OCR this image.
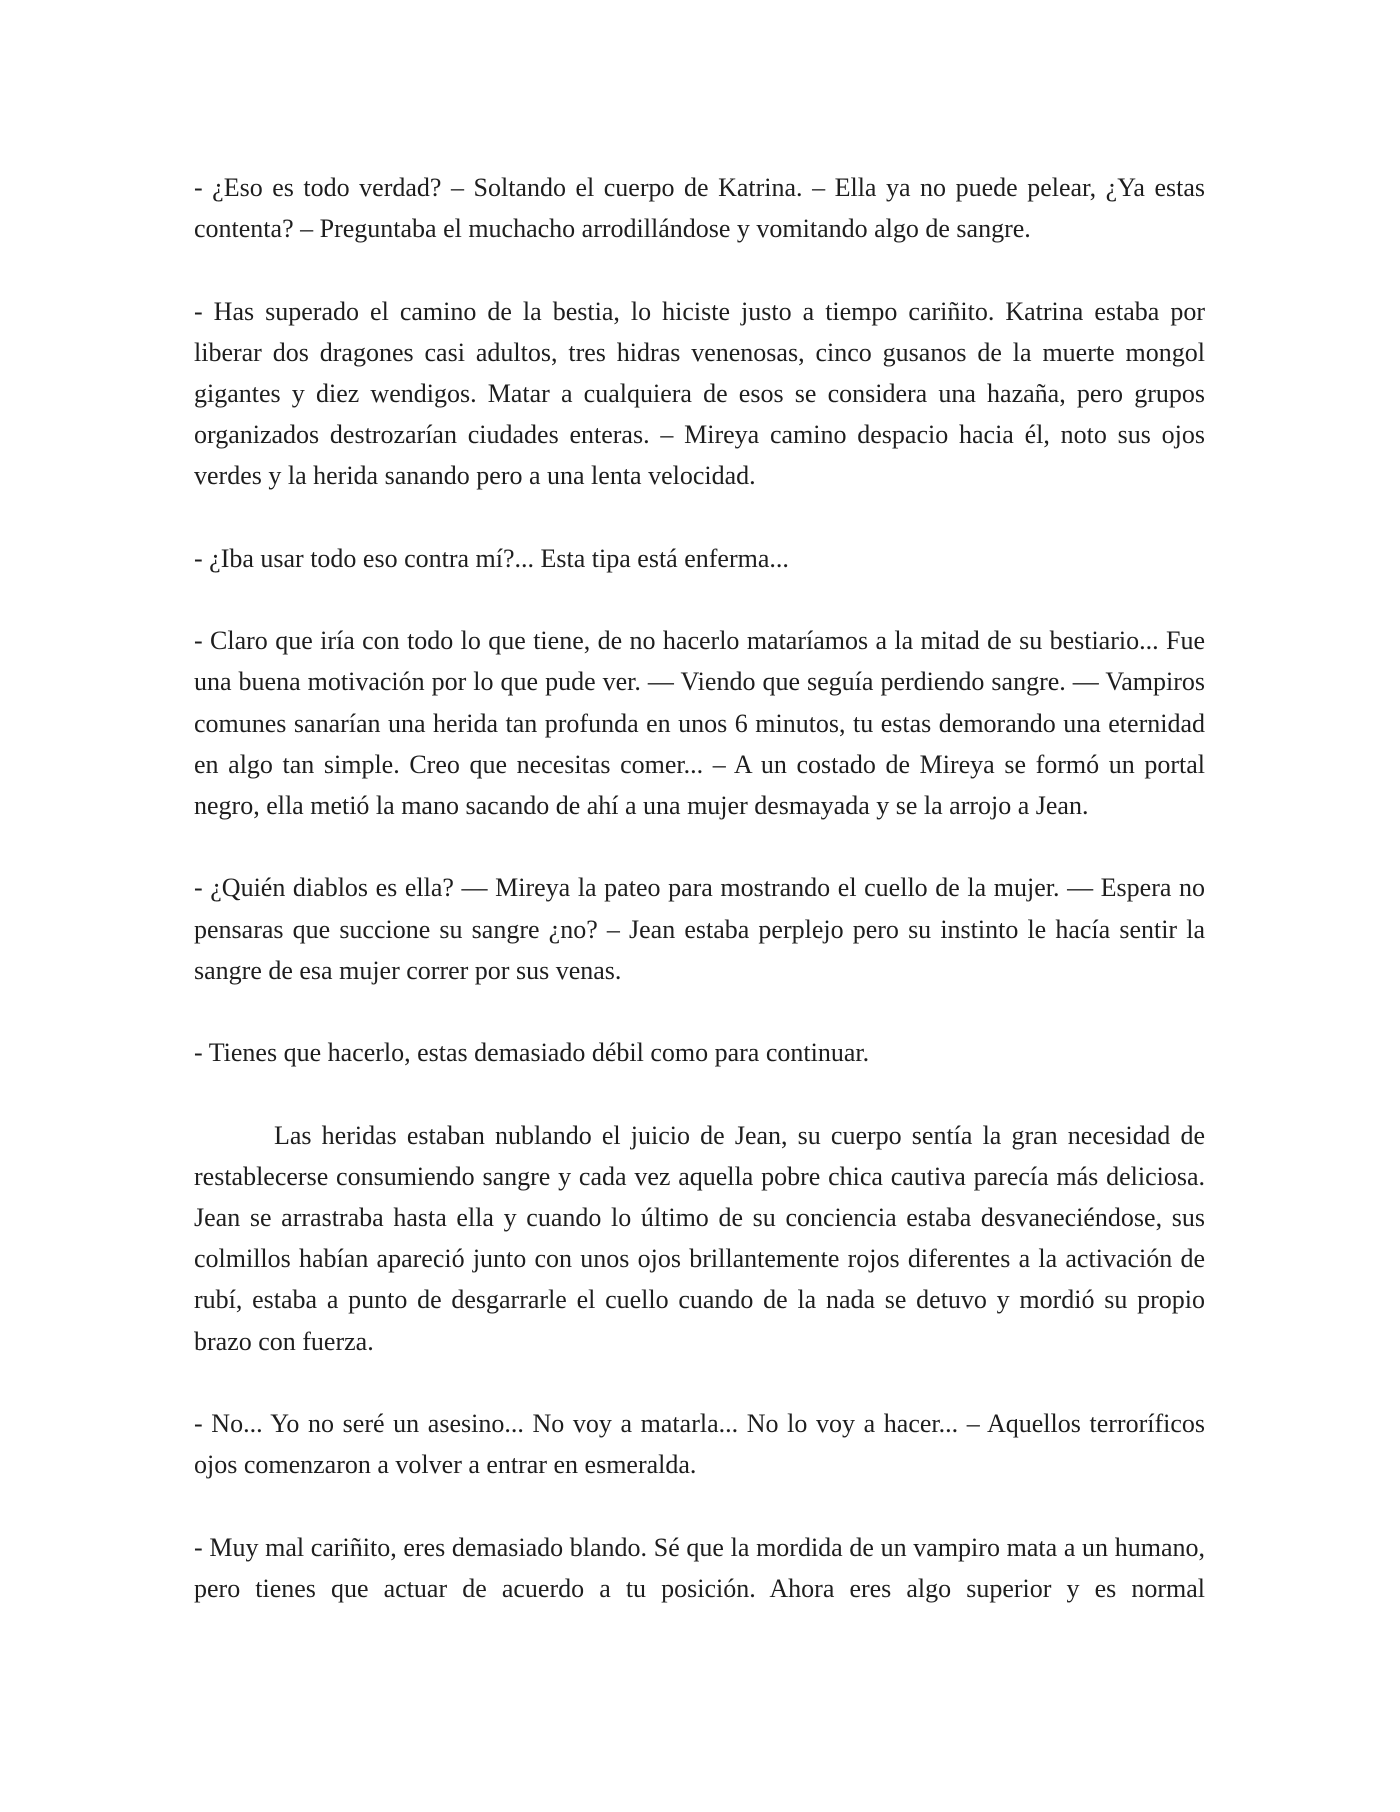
- ¿Eso es todo verdad? – Soltando el cuerpo de Katrina. – Ella ya no puede pelear, ¿Ya estas contenta? – Preguntaba el muchacho arrodillándose y vomitando algo de sangre.

- Has superado el camino de la bestia, lo hiciste justo a tiempo cariñito. Katrina estaba por liberar dos dragones casi adultos, tres hidras venenosas, cinco gusanos de la muerte mongol gigantes y diez wendigos. Matar a cualquiera de esos se considera una hazaña, pero grupos organizados destrozarían ciudades enteras. – Mireya camino despacio hacia él, noto sus ojos verdes y la herida sanando pero a una lenta velocidad.

- ¿Iba usar todo eso contra mí?... Esta tipa está enferma...

- Claro que iría con todo lo que tiene, de no hacerlo mataríamos a la mitad de su bestiario... Fue una buena motivación por lo que pude ver. — Viendo que seguía perdiendo sangre. — Vampiros comunes sanarían una herida tan profunda en unos 6 minutos, tu estas demorando una eternidad en algo tan simple. Creo que necesitas comer... – A un costado de Mireya se formó un portal negro, ella metió la mano sacando de ahí a una mujer desmayada y se la arrojo a Jean.

- ¿Quién diablos es ella? — Mireya la pateo para mostrando el cuello de la mujer. — Espera no pensaras que succione su sangre ¿no? – Jean estaba perplejo pero su instinto le hacía sentir la sangre de esa mujer correr por sus venas.

- Tienes que hacerlo, estas demasiado débil como para continuar.

Las heridas estaban nublando el juicio de Jean, su cuerpo sentía la gran necesidad de restablecerse consumiendo sangre y cada vez aquella pobre chica cautiva parecía más deliciosa. Jean se arrastraba hasta ella y cuando lo último de su conciencia estaba desvaneciéndose, sus colmillos habían apareció junto con unos ojos brillantemente rojos diferentes a la activación de rubí, estaba a punto de desgarrarle el cuello cuando de la nada se detuvo y mordió su propio brazo con fuerza.

- No... Yo no seré un asesino... No voy a matarla... No lo voy a hacer... – Aquellos terroríficos ojos comenzaron a volver a entrar en esmeralda.

- Muy mal cariñito, eres demasiado blando. Sé que la mordida de un vampiro mata a un humano, pero tienes que actuar de acuerdo a tu posición. Ahora eres algo superior y es normal
